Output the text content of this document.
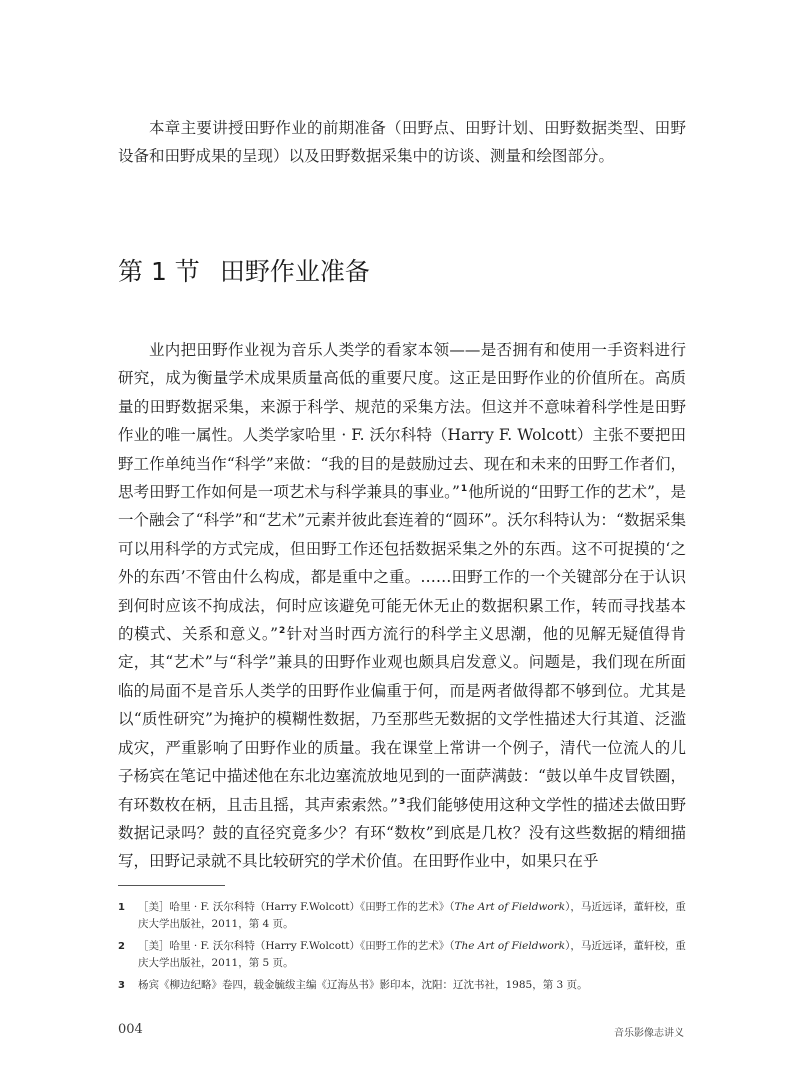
本章主要讲授田野作业的前期准备（田野点、田野计划、田野数据类型、田野设备和田野成果的呈现）以及田野数据采集中的访谈、测量和绘图部分。

第 1 节 田野作业准备

业内把田野作业视为音乐人类学的看家本领——是否拥有和使用一手资料进行研究，成为衡量学术成果质量高低的重要尺度。这正是田野作业的价值所在。高质量的田野数据采集，来源于科学、规范的采集方法。但这并不意味着科学性是田野作业的唯一属性。人类学家哈里 · F. 沃尔科特（Harry F. Wolcott）主张不要把田野工作单纯当作“科学”来做：“我的目的是鼓励过去、现在和未来的田野工作者们，思考田野工作如何是一项艺术与科学兼具的事业。”$^1$他所说的“田野工作的艺术”，是一个融会了“科学”和“艺术”元素并彼此套连着的“圆环”。沃尔科特认为：“数据采集可以用科学的方式完成，但田野工作还包括数据采集之外的东西。这不可捉摸的‘之外的东西’不管由什么构成，都是重中之重。……田野工作的一个关键部分在于认识到何时应该不拘成法，何时应该避免可能无休无止的数据积累工作，转而寻找基本的模式、关系和意义。”$^2$针对当时西方流行的科学主义思潮，他的见解无疑值得肯定，其“艺术”与“科学”兼具的田野作业观也颇具启发意义。问题是，我们现在所面临的局面不是音乐人类学的田野作业偏重于何，而是两者做得都不够到位。尤其是以“质性研究”为掩护的模糊性数据，乃至那些无数据的文学性描述大行其道、泛滥成灾，严重影响了田野作业的质量。我在课堂上常讲一个例子，清代一位流人的儿子杨宾在笔记中描述他在东北边塞流放地见到的一面萨满鼓：“鼓以单牛皮冒铁圈，有环数枚在柄，且击且摇，其声索索然。”$^3$我们能够使用这种文学性的描述去做田野数据记录吗？鼓的直径究竟多少？有环“数枚”到底是几枚？没有这些数据的精细描写，田野记录就不具比较研究的学术价值。在田野作业中，如果只在乎

1 ［美］哈里 · F. 沃尔科特（Harry F.Wolcott）《田野工作的艺术》（The Art of Fieldwork），马近远译，董轩校，重庆大学出版社，2011，第 4 页。
2 ［美］哈里 · F. 沃尔科特（Harry F.Wolcott）《田野工作的艺术》（The Art of Fieldwork），马近远译，董轩校，重庆大学出版社，2011，第 5 页。
3 杨宾《柳边纪略》卷四，载金毓绂主编《辽海丛书》影印本，沈阳：辽沈书社，1985，第 3 页。
004	音乐影像志讲义
